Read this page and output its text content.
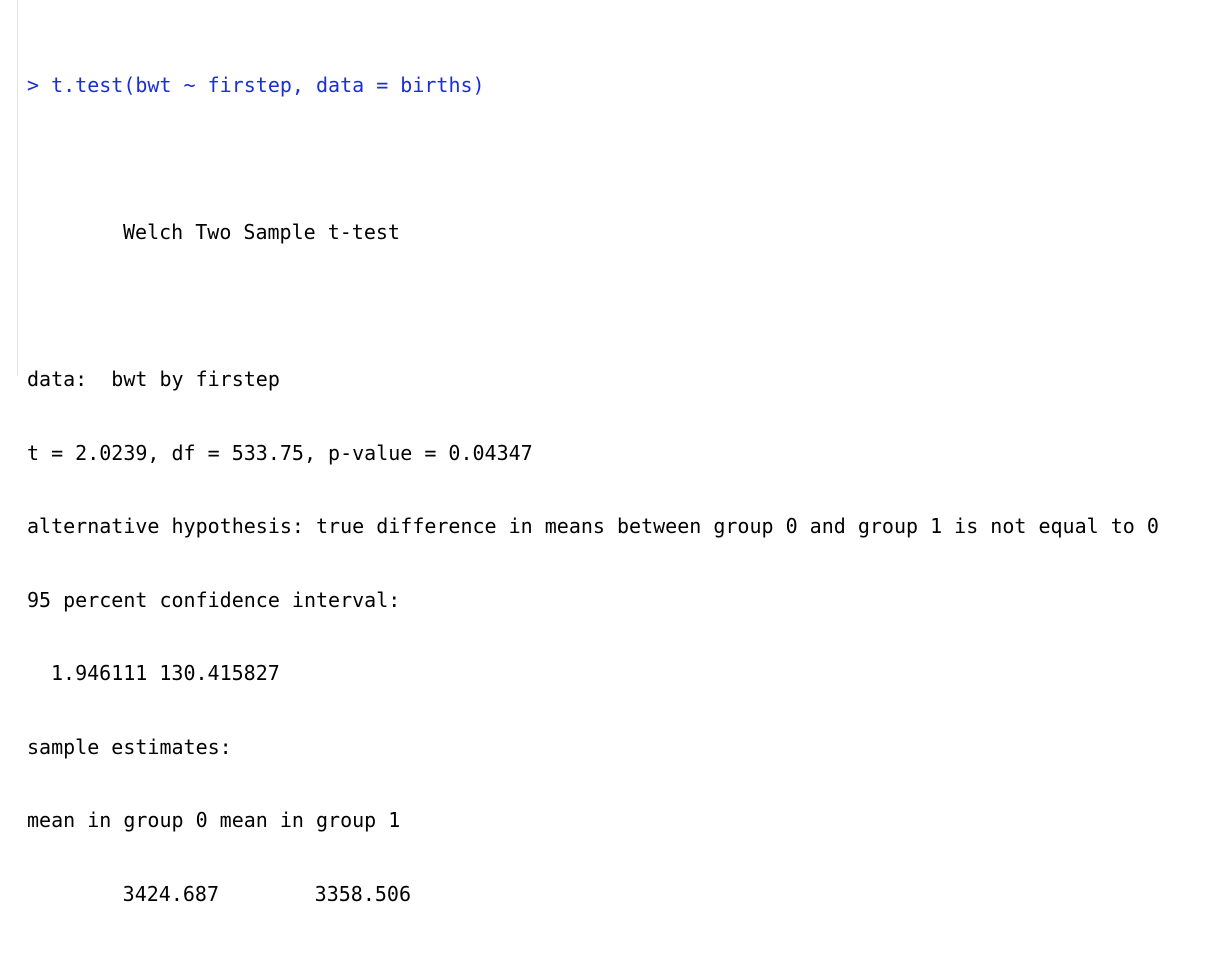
> t.test(bwt ~ firstep, data = births)

Welch Two Sample t-test

data:  bwt by firstep

t = 2.0239, df = 533.75, p-value = 0.04347

alternative hypothesis: true difference in means between group 0 and group 1 is not equal to 0

95 percent confidence interval:

1.946111 130.415827

sample estimates:

mean in group 0 mean in group 1

3424.687	3358.506
